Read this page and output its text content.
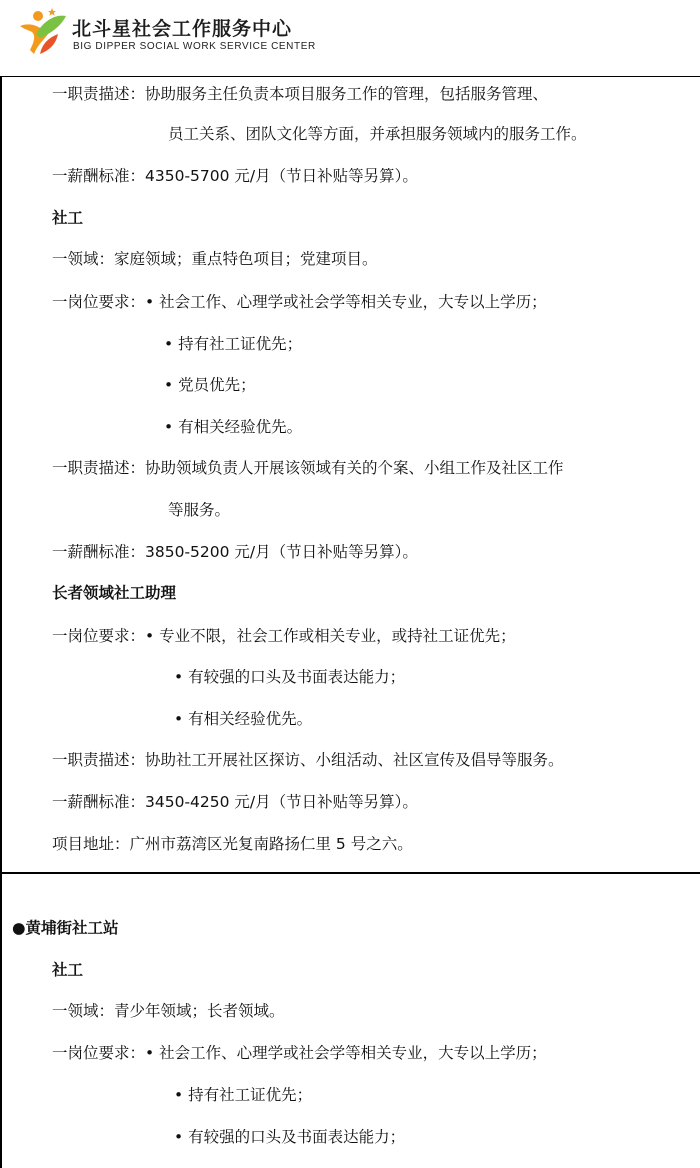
北斗星社会工作服务中心
BIG DIPPER SOCIAL WORK SERVICE CENTER
一职责描述：协助服务主任负责本项目服务工作的管理，包括服务管理、
员工关系、团队文化等方面，并承担服务领域内的服务工作。
一薪酬标准：4350-5700 元/月（节日补贴等另算）。
社工
一领域：家庭领域；重点特色项目；党建项目。
一岗位要求：• 社会工作、心理学或社会学等相关专业，大专以上学历；
• 持有社工证优先；
• 党员优先；
• 有相关经验优先。
一职责描述：协助领域负责人开展该领域有关的个案、小组工作及社区工作
等服务。
一薪酬标准：3850-5200 元/月（节日补贴等另算）。
长者领域社工助理
一岗位要求：• 专业不限，社会工作或相关专业，或持社工证优先；
• 有较强的口头及书面表达能力；
• 有相关经验优先。
一职责描述：协助社工开展社区探访、小组活动、社区宣传及倡导等服务。
一薪酬标准：3450-4250 元/月（节日补贴等另算）。
项目地址：广州市荔湾区光复南路扬仁里 5 号之六。
●黄埔街社工站
社工
一领域：青少年领域；长者领域。
一岗位要求：• 社会工作、心理学或社会学等相关专业，大专以上学历；
• 持有社工证优先；
• 有较强的口头及书面表达能力；
